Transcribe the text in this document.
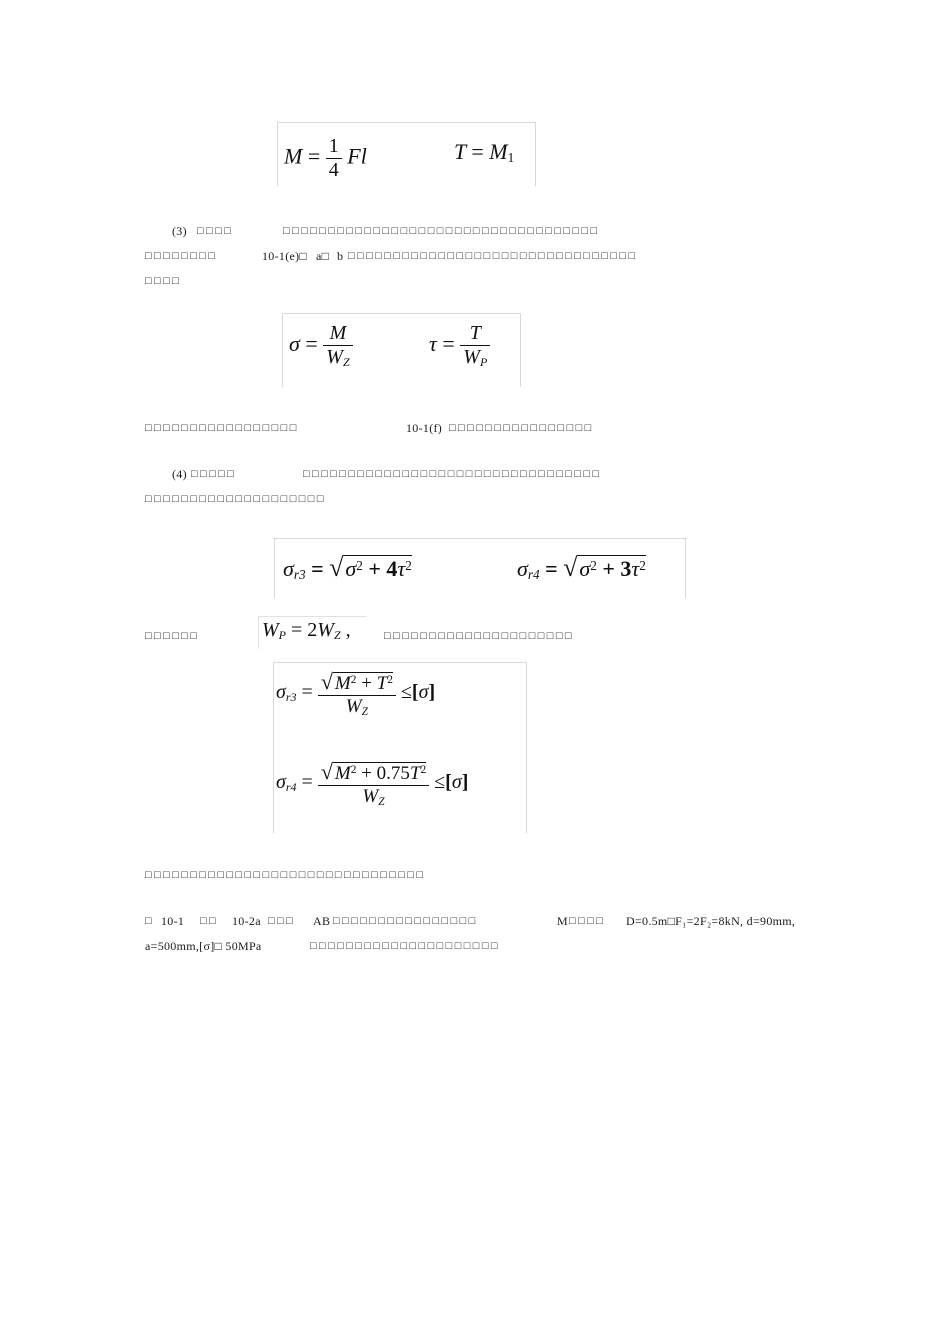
$M = \frac{1}{4}$ Fl	$T = M_1$
(3) □□□□	□□□□□□□□□□□□□□□□□□□□□□□□□□□□□□□□□□□
□□□□□□□□	10-1(e)□ a□ b □□□□□□□□□□□□□□□□□□□□□□□□□□□□□□□□
□□□□
$\sigma = \frac{M}{W_Z}$	$\tau = \frac{T}{W_P}$
□□□□□□□□□□□□□□□□□	10-1(f) □□□□□□□□□□□□□□□□
(4) □□□□□	□□□□□□□□□□□□□□□□□□□□□□□□□□□□□□□□□
□□□□□□□□□□□□□□□□□□□□
$\sigma_{r3} = √\sigma^2 + 4\tau^2$	$\sigma_{r4} = √\sigma^2 + 3\tau^2$
□□□□□□	$W_P = 2W_Z$ ,	□□□□□□□□□□□□□□□□□□□□□
$\sigma_{r3} = \frac{√ M^2 + T^2}{W_Z} \le[\sigma]$
$\sigma_{r4} = \frac{√ M^2 + 0.75T^2}{W_Z} \le[\sigma]$
□□□□□□□□□□□□□□□□□□□□□□□□□□□□□□□
□ 10-1 □□ 10-2a □□□ AB □□□□□□□□□□□□□□□□	M □□□□ D=0.5m□F₁=2F₂=8kN, d=90mm,
a=500mm,[σ]□ 50MPa	□□□□□□□□□□□□□□□□□□□□□
